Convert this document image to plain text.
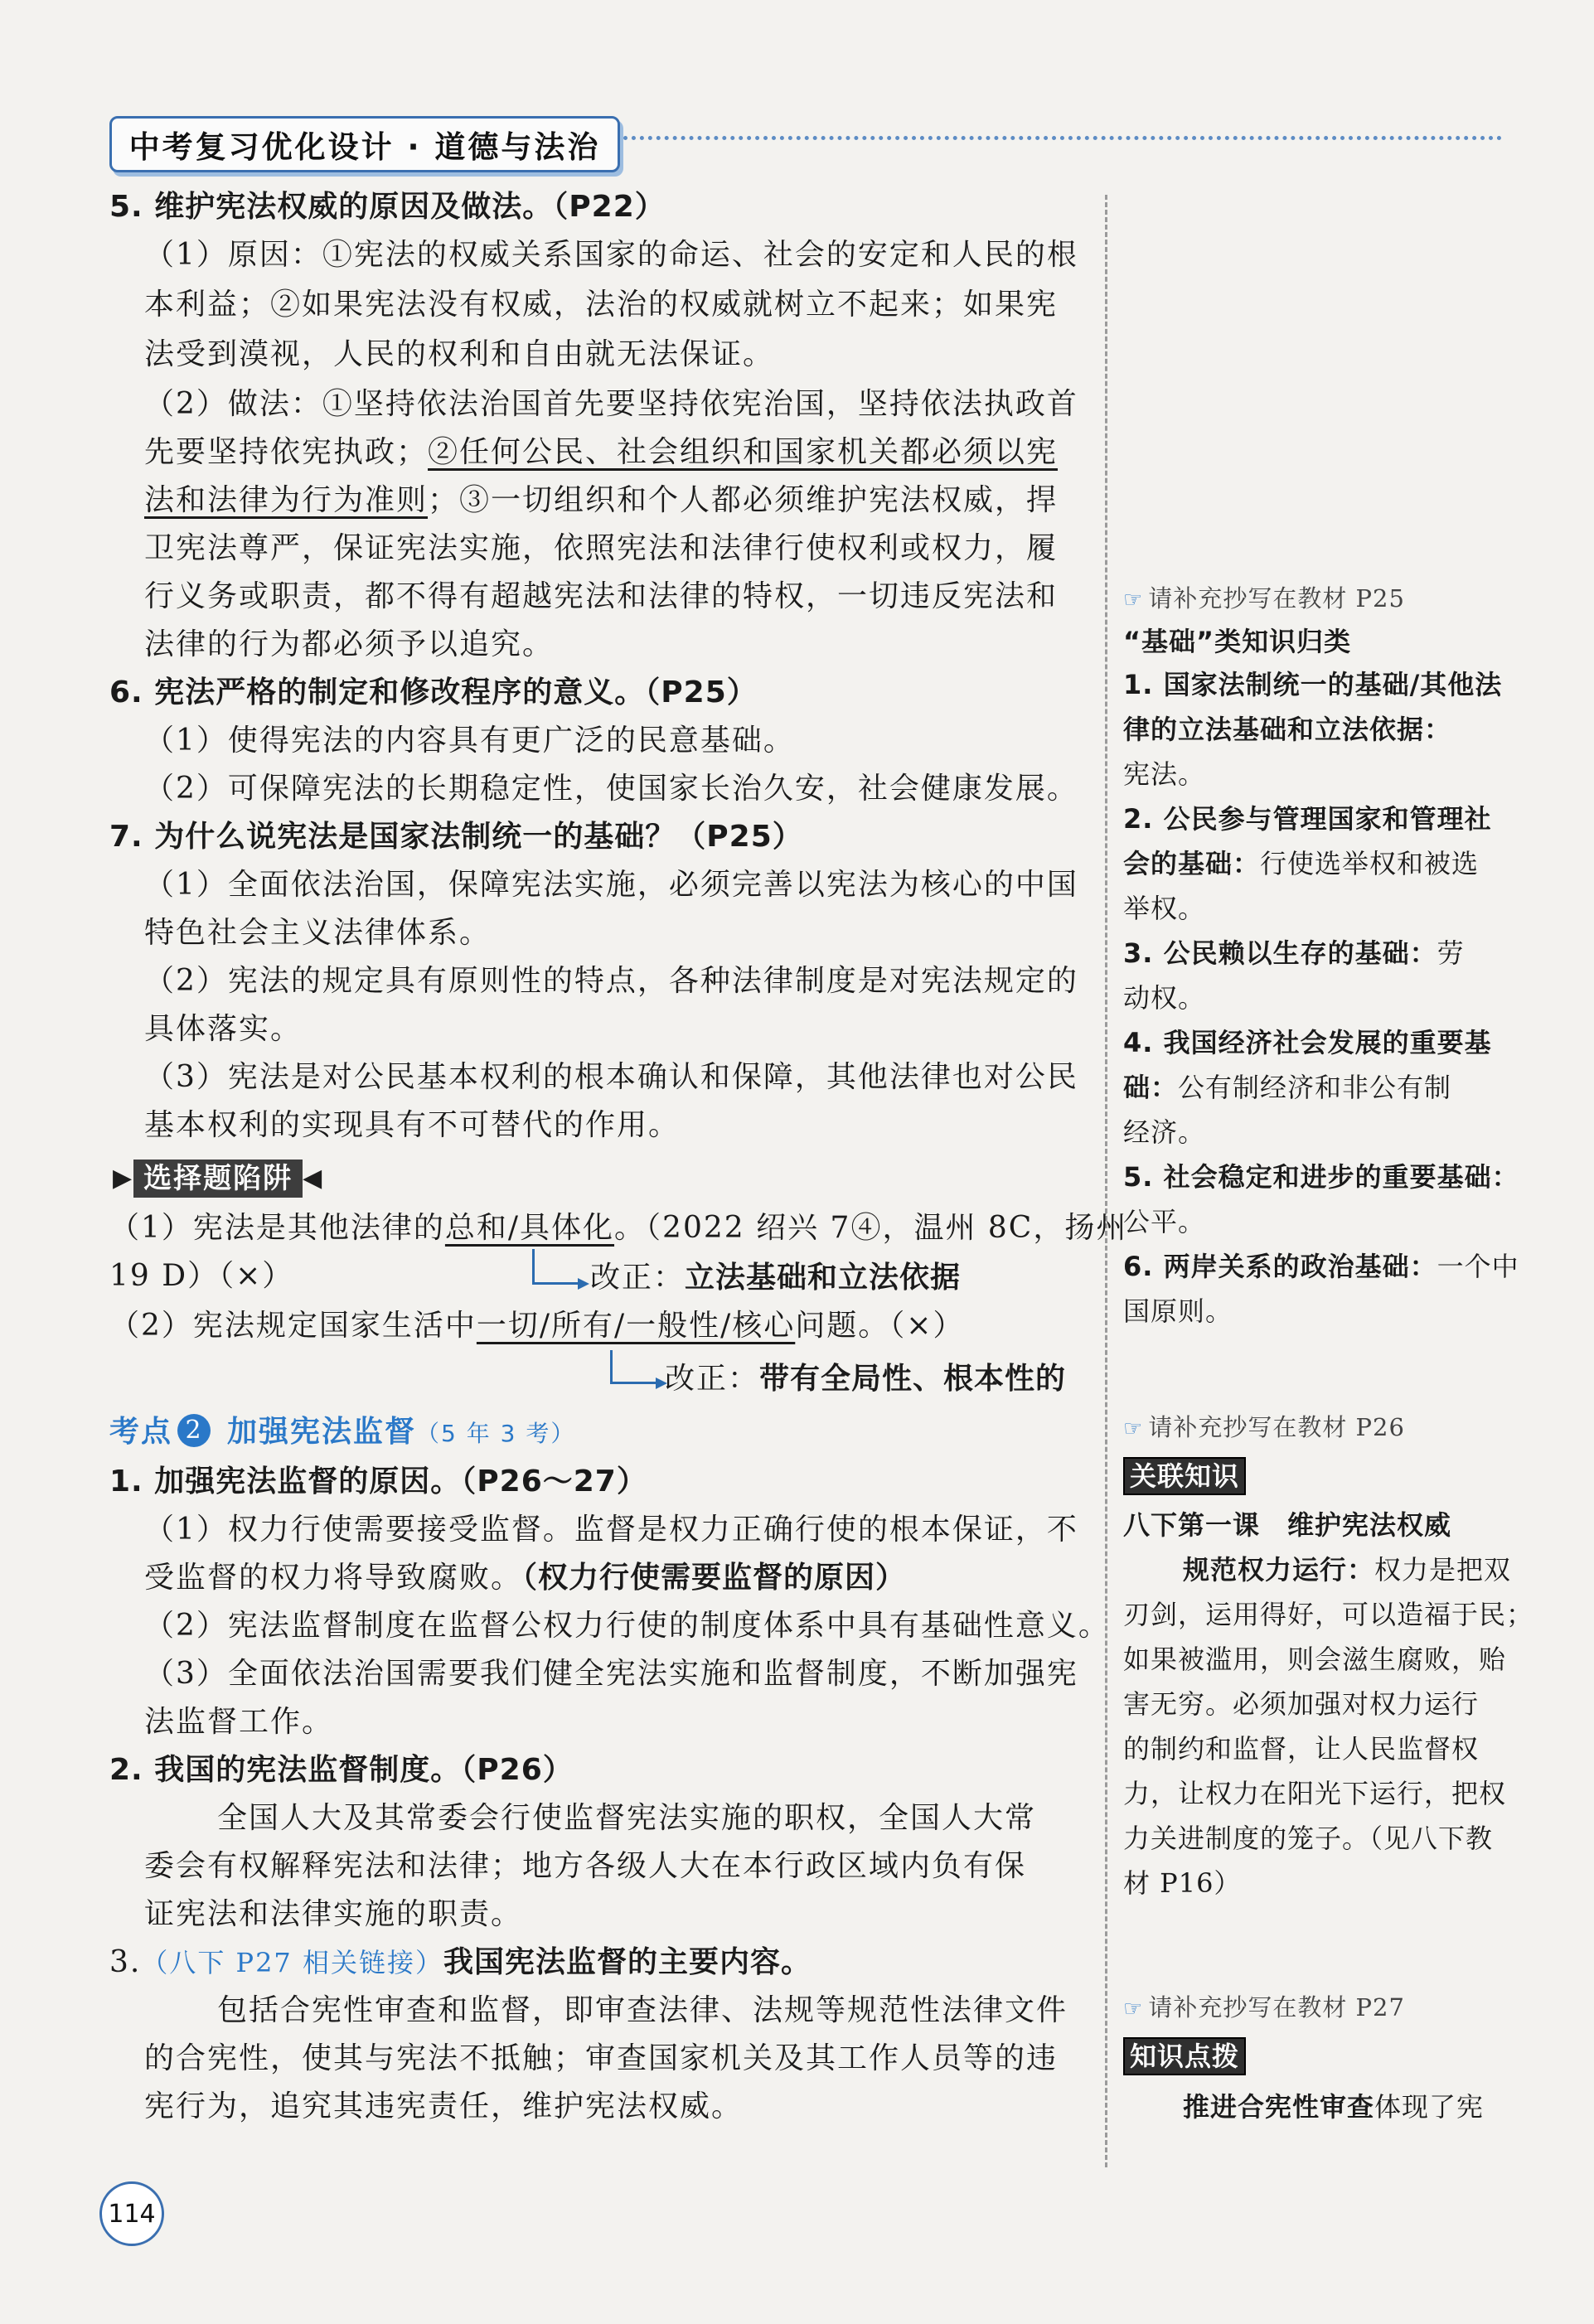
中考复习优化设计 · 道德与法治
5. 维护宪法权威的原因及做法。（P22）
（1）原因：①宪法的权威关系国家的命运、社会的安定和人民的根
本利益；②如果宪法没有权威，法治的权威就树立不起来；如果宪
法受到漠视，人民的权利和自由就无法保证。
（2）做法：①坚持依法治国首先要坚持依宪治国，坚持依法执政首
先要坚持依宪执政；②任何公民、社会组织和国家机关都必须以宪
法和法律为行为准则；③一切组织和个人都必须维护宪法权威，捍
卫宪法尊严，保证宪法实施，依照宪法和法律行使权利或权力，履
行义务或职责，都不得有超越宪法和法律的特权，一切违反宪法和
法律的行为都必须予以追究。
6. 宪法严格的制定和修改程序的意义。（P25）
（1）使得宪法的内容具有更广泛的民意基础。
（2）可保障宪法的长期稳定性，使国家长治久安，社会健康发展。
7. 为什么说宪法是国家法制统一的基础？（P25）
（1）全面依法治国，保障宪法实施，必须完善以宪法为核心的中国
特色社会主义法律体系。
（2）宪法的规定具有原则性的特点，各种法律制度是对宪法规定的
具体落实。
（3）宪法是对公民基本权利的根本确认和保障，其他法律也对公民
基本权利的实现具有不可替代的作用。
▶ 选择题陷阱 ◀
（1）宪法是其他法律的总和/具体化。（2022 绍兴 7④，温州 8C，扬州
19 D）（×）	改正：立法基础和立法依据
（2）宪法规定国家生活中一切/所有/一般性/核心问题。（×）
改正：带有全局性、根本性的
考点 2 加强宪法监督（5 年 3 考）
1. 加强宪法监督的原因。（P26～27）
（1）权力行使需要接受监督。监督是权力正确行使的根本保证，不
受监督的权力将导致腐败。（权力行使需要监督的原因）
（2）宪法监督制度在监督公权力行使的制度体系中具有基础性意义。
（3）全面依法治国需要我们健全宪法实施和监督制度，不断加强宪
法监督工作。
2. 我国的宪法监督制度。（P26）
全国人大及其常委会行使监督宪法实施的职权，全国人大常
委会有权解释宪法和法律；地方各级人大在本行政区域内负有保
证宪法和法律实施的职责。
3.（八下 P27 相关链接）我国宪法监督的主要内容。
包括合宪性审查和监督，即审查法律、法规等规范性法律文件
的合宪性，使其与宪法不抵触；审查国家机关及其工作人员等的违
宪行为，追究其违宪责任，维护宪法权威。
☞ 请补充抄写在教材 P25
“基础”类知识归类
1. 国家法制统一的基础/其他法
律的立法基础和立法依据：
宪法。
2. 公民参与管理国家和管理社
会的基础：行使选举权和被选
举权。
3. 公民赖以生存的基础：劳
动权。
4. 我国经济社会发展的重要基
础：公有制经济和非公有制
经济。
5. 社会稳定和进步的重要基础：
公平。
6. 两岸关系的政治基础：一个中
国原则。
☞ 请补充抄写在教材 P26
关联知识
八下第一课　维护宪法权威
规范权力运行：权力是把双
刃剑，运用得好，可以造福于民；
如果被滥用，则会滋生腐败，贻
害无穷。必须加强对权力运行
的制约和监督，让人民监督权
力，让权力在阳光下运行，把权
力关进制度的笼子。（见八下教
材 P16）
☞ 请补充抄写在教材 P27
知识点拨
推进合宪性审查体现了宪
114
